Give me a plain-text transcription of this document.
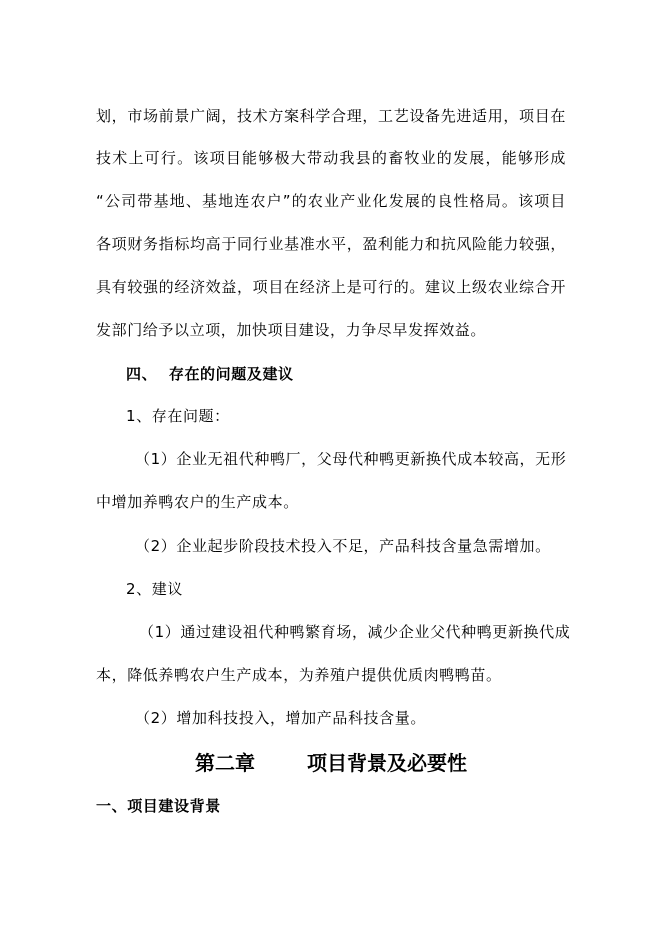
划，市场前景广阔，技术方案科学合理，工艺设备先进适用，项目在
技术上可行。该项目能够极大带动我县的畜牧业的发展，能够形成
“公司带基地、基地连农户”的农业产业化发展的良性格局。该项目
各项财务指标均高于同行业基准水平，盈利能力和抗风险能力较强，
具有较强的经济效益，项目在经济上是可行的。建议上级农业综合开
发部门给予以立项，加快项目建设，力争尽早发挥效益。
四、  存在的问题及建议
1、存在问题：
（1）企业无祖代种鸭厂，父母代种鸭更新换代成本较高，无形
中增加养鸭农户的生产成本。
（2）企业起步阶段技术投入不足，产品科技含量急需增加。
2、建议
（1）通过建设祖代种鸭繁育场，减少企业父代种鸭更新换代成
本，降低养鸭农户生产成本，为养殖户提供优质肉鸭鸭苗。
（2）增加科技投入，增加产品科技含量。
第二章	项目背景及必要性
一、项目建设背景
